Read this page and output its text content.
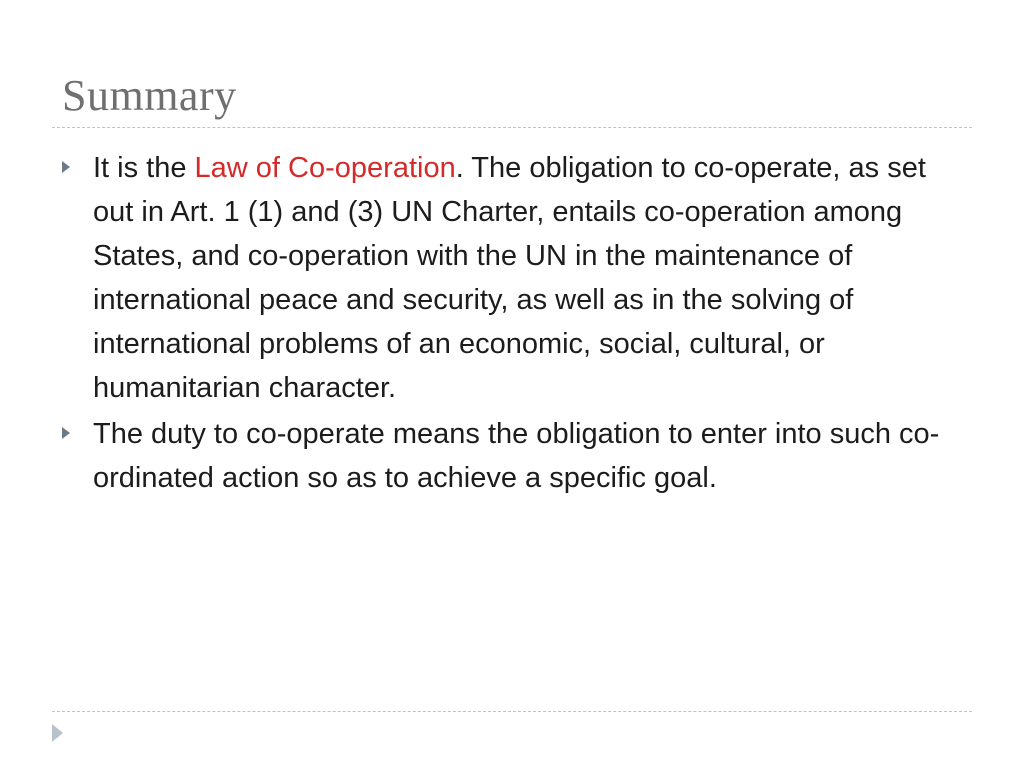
Summary
It is the Law of Co-operation. The obligation to co-operate, as set out in Art. 1 (1) and (3) UN Charter, entails co-operation among States, and co-operation with the UN in the maintenance of international peace and security, as well as in the solving of international problems of an economic, social, cultural, or humanitarian character.
The duty to co-operate means the obligation to enter into such co-ordinated action so as to achieve a specific goal.
